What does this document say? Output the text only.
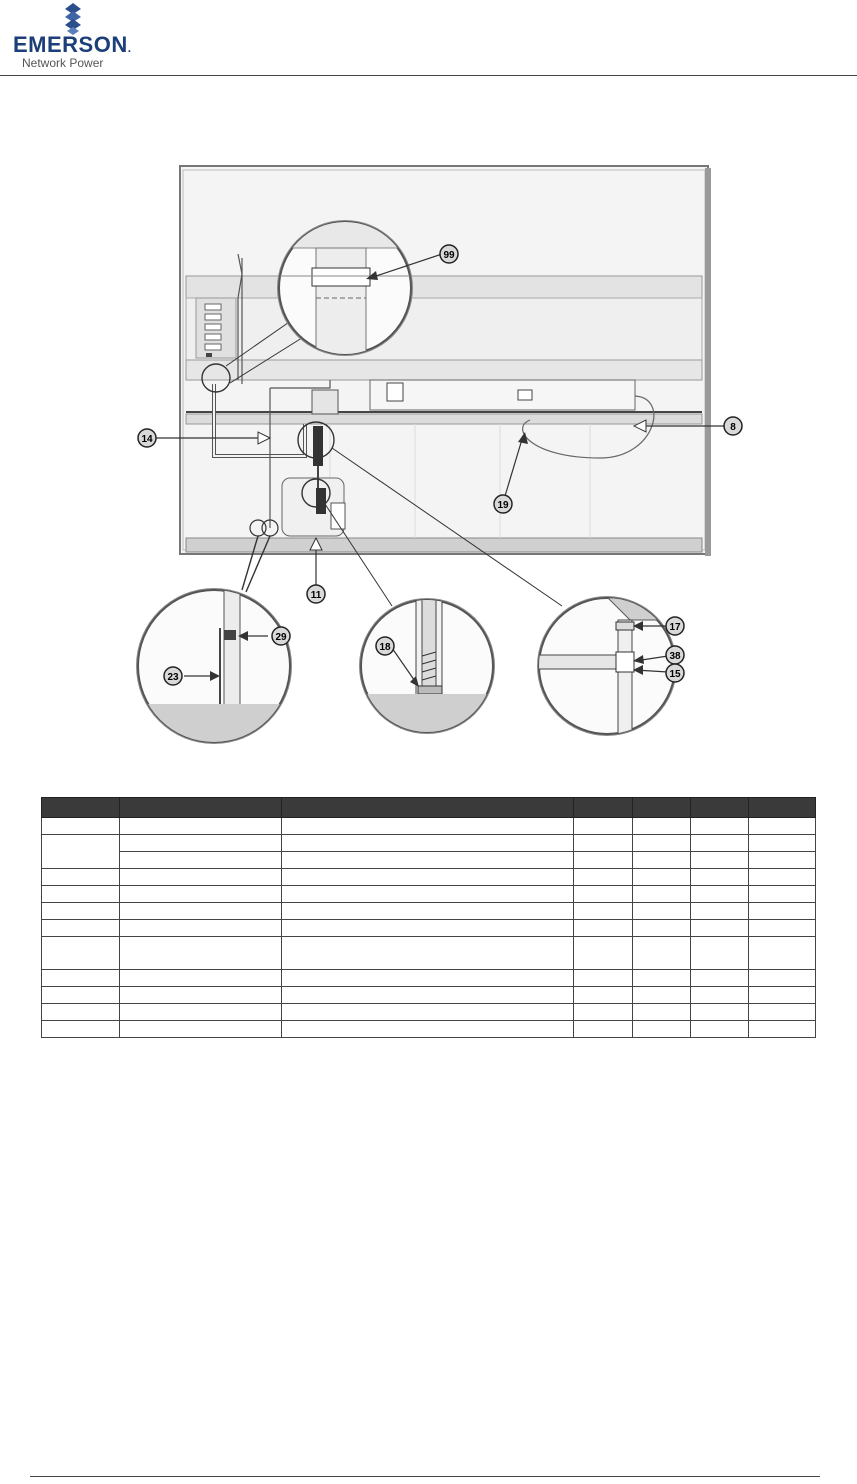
EMERSON.
Network Power
99
14
8
19
11
29
23
18
17
38
15
